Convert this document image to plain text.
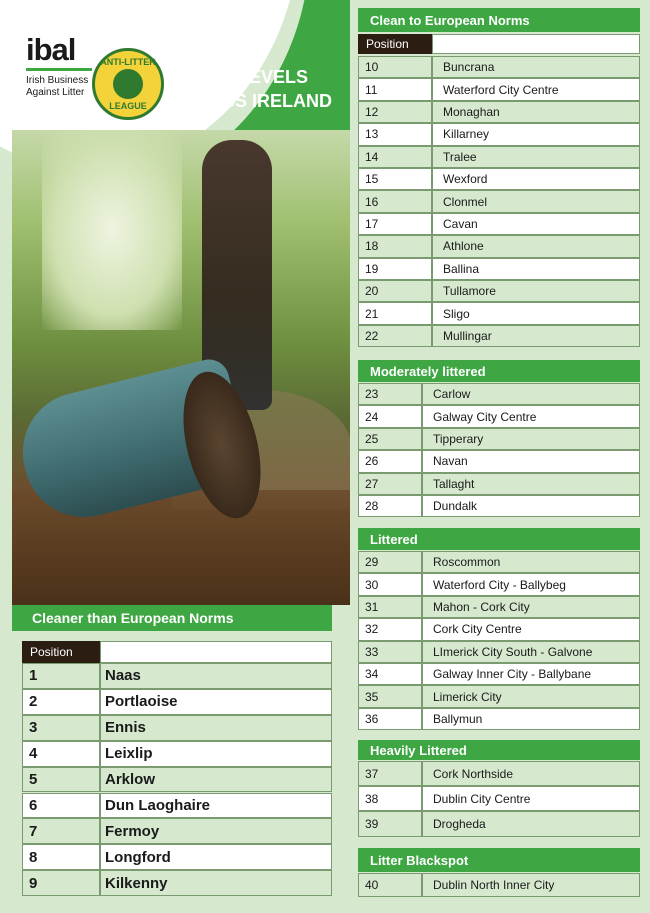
ibal
Irish Business
Against Litter
ANTI-LITTER
LEAGUE
2021
LITTER LEVELS
ACROSS IRELAND
Cleaner than European Norms
Position
1	Naas
2	Portlaoise
3	Ennis
4	Leixlip
5	Arklow
6	Dun Laoghaire
7	Fermoy
8	Longford
9	Kilkenny
Clean to European Norms
Position
10	Buncrana
11	Waterford City Centre
12	Monaghan
13	Killarney
14	Tralee
15	Wexford
16	Clonmel
17	Cavan
18	Athlone
19	Ballina
20	Tullamore
21	Sligo
22	Mullingar
Moderately littered
23	Carlow
24	Galway City Centre
25	Tipperary
26	Navan
27	Tallaght
28	Dundalk
Littered
29	Roscommon
30	Waterford City - Ballybeg
31	Mahon - Cork City
32	Cork City Centre
33	LImerick City South - Galvone
34	Galway Inner City - Ballybane
35	Limerick City
36	Ballymun
Heavily Littered
37	Cork Northside
38	Dublin City Centre
39	Drogheda
Litter Blackspot
40	Dublin North Inner City
